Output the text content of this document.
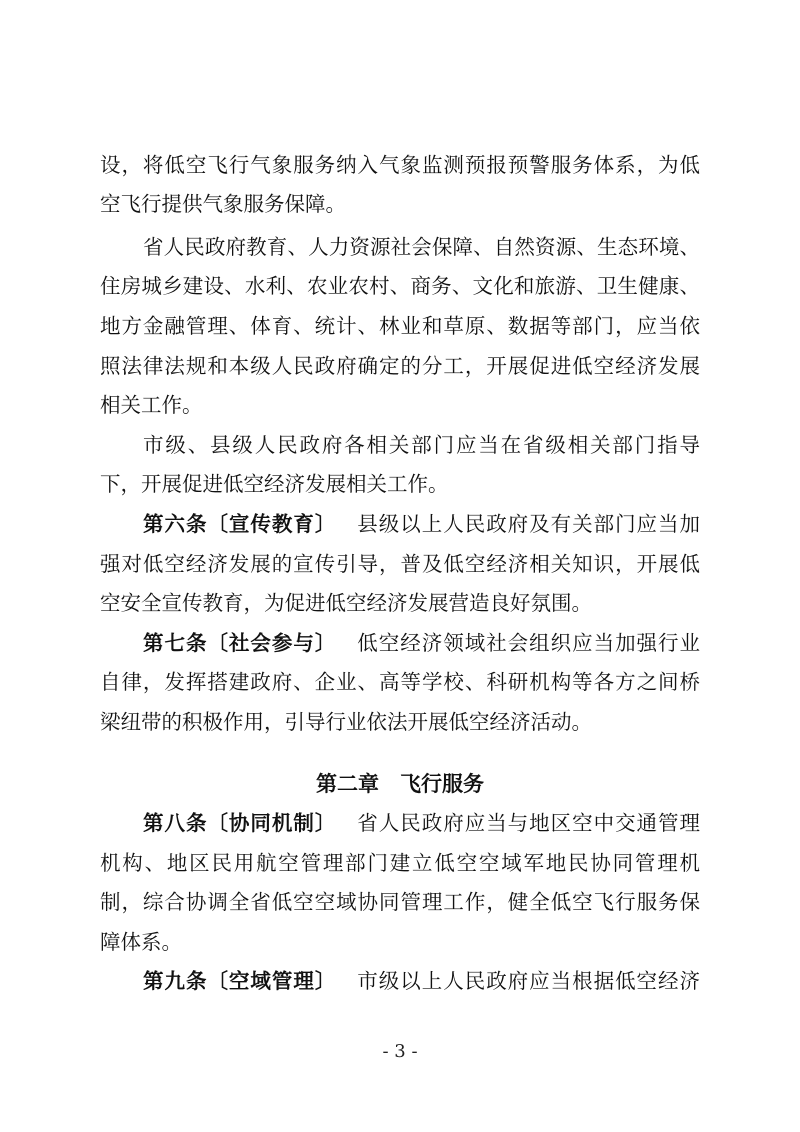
设，将低空飞行气象服务纳入气象监测预报预警服务体系，为低
空飞行提供气象服务保障。
省人民政府教育、人力资源社会保障、自然资源、生态环境、
住房城乡建设、水利、农业农村、商务、文化和旅游、卫生健康、
地方金融管理、体育、统计、林业和草原、数据等部门，应当依
照法律法规和本级人民政府确定的分工，开展促进低空经济发展
相关工作。
市级、县级人民政府各相关部门应当在省级相关部门指导
下，开展促进低空经济发展相关工作。
第六条〔宣传教育〕 县级以上人民政府及有关部门应当加
强对低空经济发展的宣传引导，普及低空经济相关知识，开展低
空安全宣传教育，为促进低空经济发展营造良好氛围。
第七条〔社会参与〕 低空经济领域社会组织应当加强行业
自律，发挥搭建政府、企业、高等学校、科研机构等各方之间桥
梁纽带的积极作用，引导行业依法开展低空经济活动。
第二章　飞行服务
第八条〔协同机制〕 省人民政府应当与地区空中交通管理
机构、地区民用航空管理部门建立低空空域军地民协同管理机
制，综合协调全省低空空域协同管理工作，健全低空飞行服务保
障体系。
第九条〔空域管理〕 市级以上人民政府应当根据低空经济
- 3 -
